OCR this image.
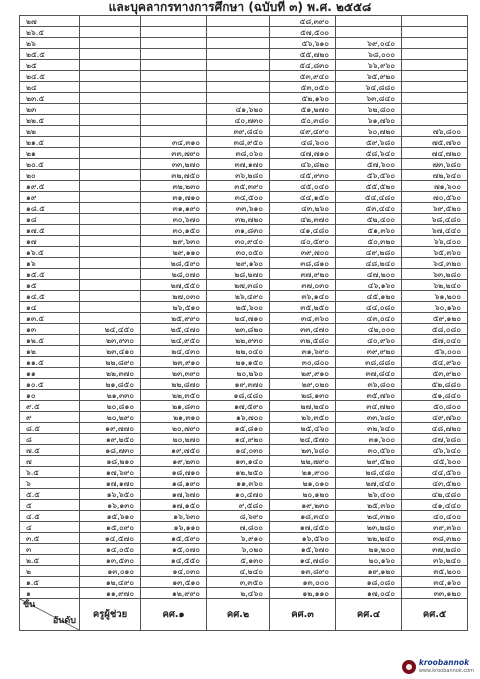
และบุคลากรทางการศึกษา (ฉบับที่ ๓) พ.ศ. ๒๕๕๘
๒๗				๕๘,๓๙๐		
๒๖.๕				๕๗,๕๐๐		
๒๖				๕๖,๖๑๐	๖๙,๐๔๐	
๒๕.๕				๕๕,๗๒๐	๖๘,๐๐๐	
๒๕				๕๔,๘๓๐	๖๖,๙๖๐	
๒๔.๕				๕๓,๙๔๐	๖๕,๙๒๐	
๒๔				๕๓,๐๕๐	๖๔,๘๘๐	
๒๓.๕				๕๒,๑๖๐	๖๓,๘๔๐	
๒๓			๔๑,๖๒๐	๕๑,๒๗๐	๖๒,๘๐๐	
๒๒.๕			๔๐,๗๓๐	๕๐,๓๘๐	๖๑,๗๖๐	
๒๒			๓๙,๘๔๐	๔๙,๔๙๐	๖๐,๗๒๐	๗๖,๘๐๐
๒๑.๕		๓๔,๓๑๐	๓๘,๙๕๐	๔๘,๖๐๐	๕๙,๖๘๐	๗๕,๗๖๐
๒๑		๓๓,๗๙๐	๓๘,๐๖๐	๔๗,๗๑๐	๕๘,๖๔๐	๗๔,๗๒๐
๒๐.๕		๓๓,๒๗๐	๓๗,๑๗๐	๔๖,๘๒๐	๕๗,๖๐๐	๗๓,๖๘๐
๒๐		๓๒,๗๕๐	๓๖,๒๘๐	๔๕,๙๓๐	๕๖,๕๖๐	๗๒,๖๔๐
๑๙.๕		๓๒,๒๓๐	๓๕,๓๙๐	๔๕,๐๔๐	๕๕,๕๒๐	๗๑,๖๐๐
๑๙		๓๑,๗๑๐	๓๔,๕๐๐	๔๔,๑๕๐	๕๔,๔๘๐	๗๐,๕๖๐
๑๘.๕		๓๑,๑๙๐	๓๓,๖๑๐	๔๓,๒๖๐	๕๓,๔๔๐	๖๙,๕๒๐
๑๘		๓๐,๖๗๐	๓๒,๗๒๐	๔๒,๓๗๐	๕๒,๔๐๐	๖๘,๔๘๐
๑๗.๕		๓๐,๑๕๐	๓๑,๘๓๐	๔๑,๔๘๐	๕๑,๓๖๐	๖๗,๔๔๐
๑๗		๒๙,๖๓๐	๓๐,๙๔๐	๔๐,๕๙๐	๕๐,๓๒๐	๖๖,๔๐๐
๑๖.๕		๒๙,๑๑๐	๓๐,๐๕๐	๓๙,๗๐๐	๔๙,๒๘๐	๖๕,๓๖๐
๑๖		๒๘,๕๙๐	๒๙,๑๖๐	๓๘,๘๑๐	๔๘,๒๔๐	๖๔,๓๒๐
๑๕.๕		๒๘,๐๗๐	๒๘,๒๗๐	๓๗,๙๒๐	๔๗,๒๐๐	๖๓,๒๘๐
๑๕		๒๗,๕๕๐	๒๗,๓๘๐	๓๗,๐๓๐	๔๖,๑๖๐	๖๒,๒๔๐
๑๔.๕		๒๗,๐๓๐	๒๖,๔๙๐	๓๖,๑๔๐	๔๕,๑๒๐	๖๑,๒๐๐
๑๔		๒๖,๕๑๐	๒๕,๖๐๐	๓๕,๒๕๐	๔๔,๐๘๐	๖๐,๑๖๐
๑๓.๕		๒๕,๙๙๐	๒๔,๗๑๐	๓๔,๓๖๐	๔๓,๐๔๐	๕๙,๑๒๐
๑๓	๒๔,๔๕๐	๒๕,๔๗๐	๒๓,๘๒๐	๓๓,๔๗๐	๔๒,๐๐๐	๕๘,๐๘๐
๑๒.๕	๒๓,๙๓๐	๒๔,๙๕๐	๒๒,๙๓๐	๓๒,๕๘๐	๔๐,๙๖๐	๕๗,๐๔๐
๑๒	๒๓,๔๑๐	๒๔,๔๓๐	๒๒,๐๔๐	๓๑,๖๙๐	๓๙,๙๒๐	๕๖,๐๐๐
๑๑.๕	๒๒,๘๙๐	๒๓,๙๑๐	๒๑,๑๕๐	๓๐,๘๐๐	๓๘,๘๘๐	๕๔,๙๖๐
๑๑	๒๒,๓๗๐	๒๓,๓๙๐	๒๐,๒๖๐	๒๙,๙๑๐	๓๗,๘๔๐	๕๓,๙๒๐
๑๐.๕	๒๑,๘๕๐	๒๒,๘๗๐	๑๙,๓๗๐	๒๙,๐๒๐	๓๖,๘๐๐	๕๒,๘๘๐
๑๐	๒๑,๓๓๐	๒๒,๓๕๐	๑๘,๔๘๐	๒๘,๑๓๐	๓๕,๗๖๐	๕๑,๘๔๐
๙.๕	๒๐,๘๑๐	๒๑,๘๓๐	๑๗,๕๙๐	๒๗,๒๔๐	๓๔,๗๒๐	๕๐,๘๐๐
๙	๒๐,๒๙๐	๒๑,๓๑๐	๑๖,๗๐๐	๒๖,๓๕๐	๓๓,๖๘๐	๔๙,๗๖๐
๘.๕	๑๙,๗๗๐	๒๐,๗๙๐	๑๕,๘๑๐	๒๕,๔๖๐	๓๒,๖๔๐	๔๘,๗๒๐
๘	๑๙,๒๕๐	๒๐,๒๗๐	๑๔,๙๒๐	๒๔,๕๗๐	๓๑,๖๐๐	๔๗,๖๘๐
๗.๕	๑๘,๗๓๐	๑๙,๗๕๐	๑๔,๐๓๐	๒๓,๖๘๐	๓๐,๕๖๐	๔๖,๖๔๐
๗	๑๘,๒๑๐	๑๙,๒๓๐	๑๓,๑๔๐	๒๒,๗๙๐	๒๙,๕๒๐	๔๕,๖๐๐
๖.๕	๑๗,๖๙๐	๑๘,๗๑๐	๑๒,๒๕๐	๒๑,๙๐๐	๒๘,๔๘๐	๔๔,๕๖๐
๖	๑๗,๑๗๐	๑๘,๑๙๐	๑๑,๓๖๐	๒๑,๐๑๐	๒๗,๔๔๐	๔๓,๕๒๐
๕.๕	๑๖,๖๕๐	๑๗,๖๗๐	๑๐,๔๗๐	๒๐,๑๒๐	๒๖,๔๐๐	๔๒,๔๘๐
๕	๑๖,๑๓๐	๑๗,๑๕๐	๙,๕๘๐	๑๙,๒๓๐	๒๕,๓๖๐	๔๑,๔๔๐
๔.๕	๑๕,๖๑๐	๑๖,๖๓๐	๘,๖๙๐	๑๘,๓๔๐	๒๔,๓๒๐	๔๐,๔๐๐
๔	๑๕,๐๙๐	๑๖,๑๑๐	๗,๘๐๐	๑๗,๔๕๐	๒๓,๒๘๐	๓๙,๓๖๐
๓.๕	๑๔,๕๗๐	๑๕,๕๙๐	๖,๙๑๐	๑๖,๕๖๐	๒๒,๒๔๐	๓๘,๓๒๐
๓	๑๔,๐๕๐	๑๕,๐๗๐	๖,๐๒๐	๑๕,๖๗๐	๒๑,๒๐๐	๓๗,๒๘๐
๒.๕	๑๓,๕๓๐	๑๔,๕๕๐	๕,๑๓๐	๑๔,๗๘๐	๒๐,๑๖๐	๓๖,๒๔๐
๒	๑๓,๐๑๐	๑๔,๐๓๐	๔,๒๔๐	๑๓,๘๙๐	๑๙,๑๒๐	๓๕,๒๐๐
๑.๕	๑๒,๔๙๐	๑๓,๕๑๐	๓,๓๕๐	๑๓,๐๐๐	๑๘,๐๘๐	๓๔,๑๖๐
๑	๑๑,๙๗๐	๑๒,๙๙๐	๒,๔๖๐	๑๒,๑๑๐	๑๗,๐๔๐	๓๓,๑๒๐

ขั้น
อันดับ	ครูผู้ช่วย	คศ.๑	คศ.๒	คศ.๓	คศ.๔	คศ.๕
kroobannok
www.kroobannok.com
